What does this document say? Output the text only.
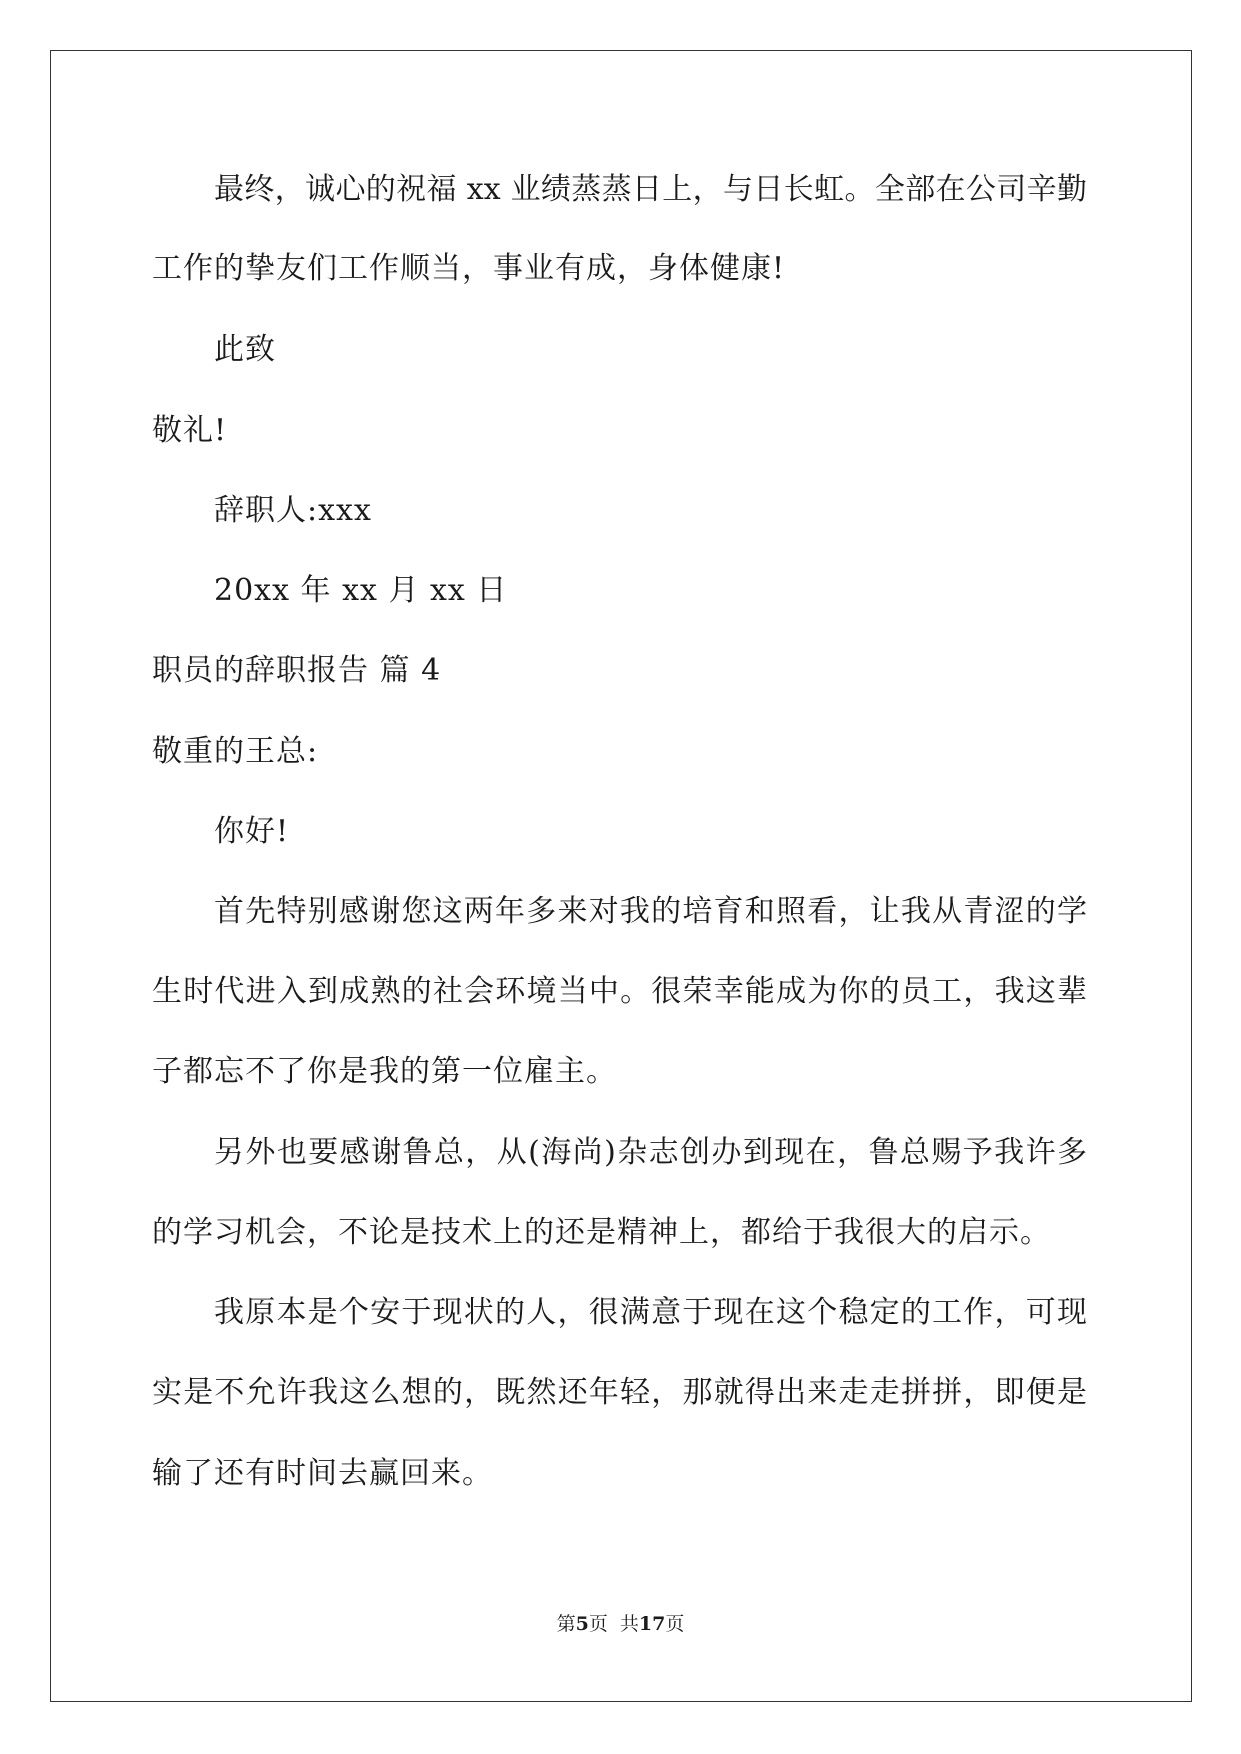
最终，诚心的祝福 xx 业绩蒸蒸日上，与日长虹。全部在公司辛勤
工作的挚友们工作顺当，事业有成，身体健康!
此致
敬礼!
辞职人:xxx
20xx 年 xx 月 xx 日
职员的辞职报告 篇 4
敬重的王总:
你好!
首先特别感谢您这两年多来对我的培育和照看，让我从青涩的学
生时代进入到成熟的社会环境当中。很荣幸能成为你的员工，我这辈
子都忘不了你是我的第一位雇主。
另外也要感谢鲁总，从(海尚)杂志创办到现在，鲁总赐予我许多
的学习机会，不论是技术上的还是精神上，都给于我很大的启示。
我原本是个安于现状的人，很满意于现在这个稳定的工作，可现
实是不允许我这么想的，既然还年轻，那就得出来走走拼拼，即便是
输了还有时间去赢回来。
第5页 共17页
